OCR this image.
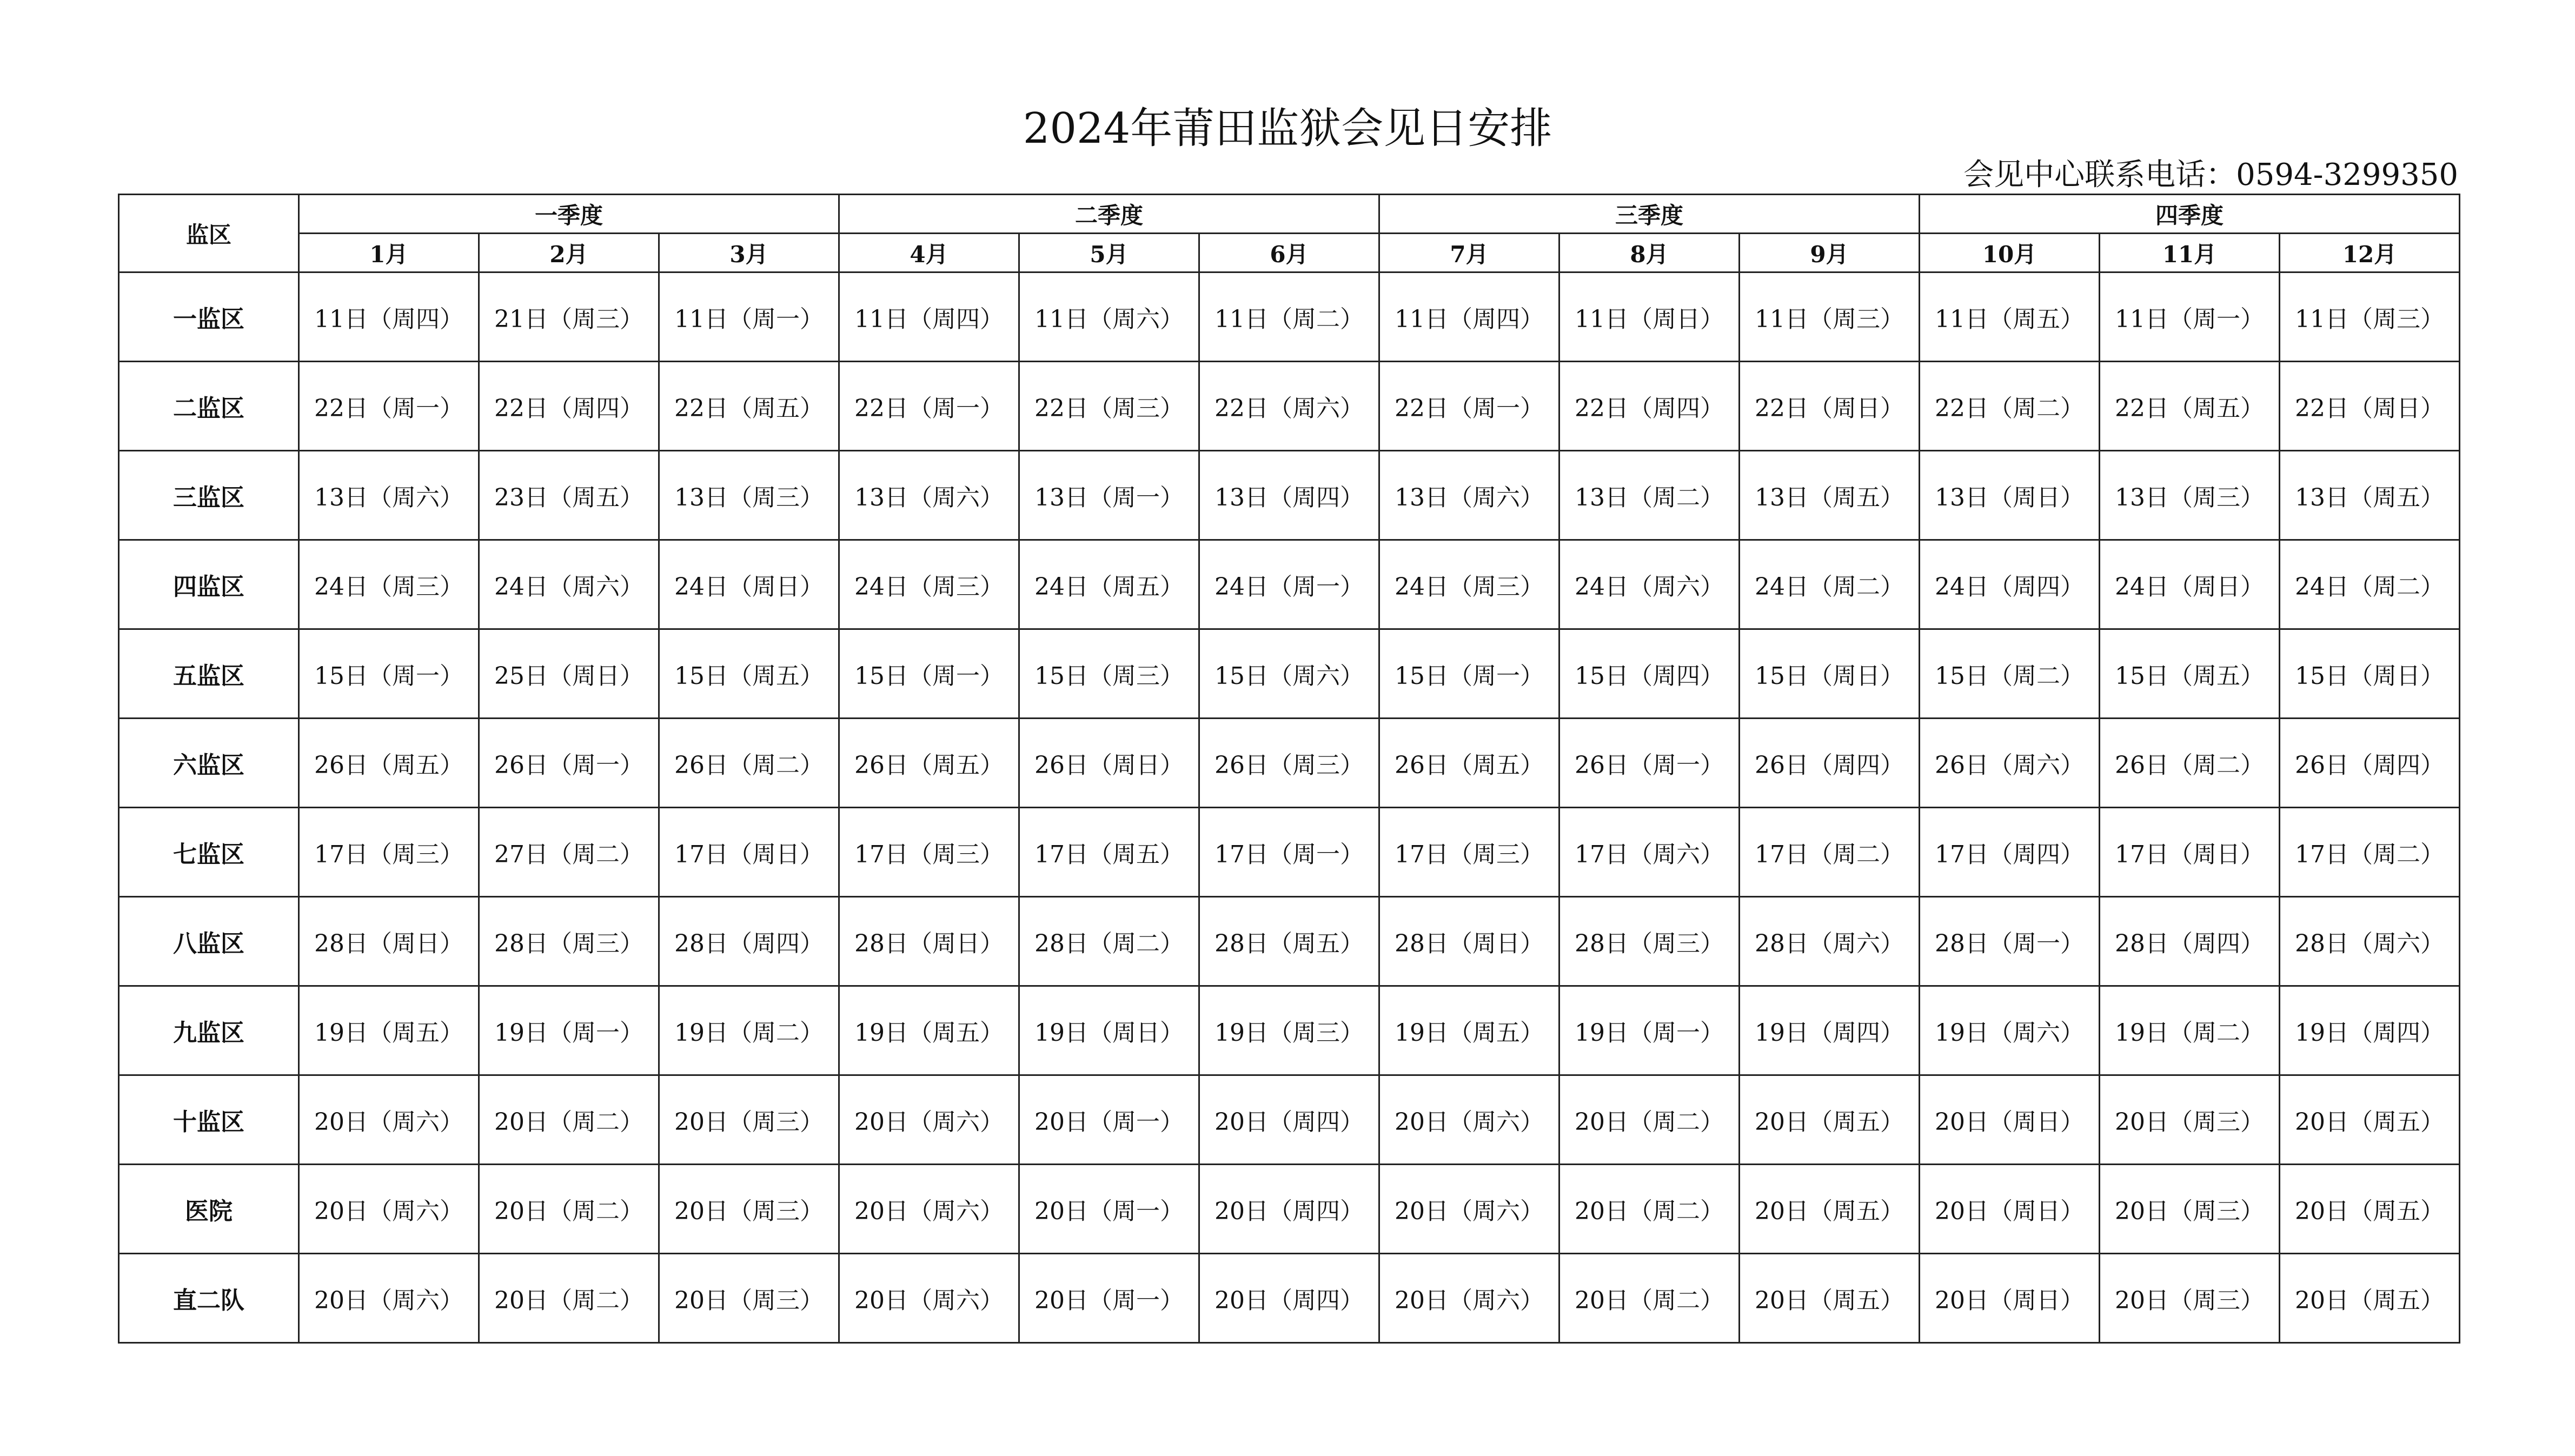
2024年莆田监狱会见日安排
会见中心联系电话：0594-3299350
监区	一季度			二季度			三季度			四季度		
	1月	2月	3月	4月	5月	6月	7月	8月	9月	10月	11月	12月
一监区	11日（周四）	21日（周三）	11日（周一）	11日（周四）	11日（周六）	11日（周二）	11日（周四）	11日（周日）	11日（周三）	11日（周五）	11日（周一）	11日（周三）
二监区	22日（周一）	22日（周四）	22日（周五）	22日（周一）	22日（周三）	22日（周六）	22日（周一）	22日（周四）	22日（周日）	22日（周二）	22日（周五）	22日（周日）
三监区	13日（周六）	23日（周五）	13日（周三）	13日（周六）	13日（周一）	13日（周四）	13日（周六）	13日（周二）	13日（周五）	13日（周日）	13日（周三）	13日（周五）
四监区	24日（周三）	24日（周六）	24日（周日）	24日（周三）	24日（周五）	24日（周一）	24日（周三）	24日（周六）	24日（周二）	24日（周四）	24日（周日）	24日（周二）
五监区	15日（周一）	25日（周日）	15日（周五）	15日（周一）	15日（周三）	15日（周六）	15日（周一）	15日（周四）	15日（周日）	15日（周二）	15日（周五）	15日（周日）
六监区	26日（周五）	26日（周一）	26日（周二）	26日（周五）	26日（周日）	26日（周三）	26日（周五）	26日（周一）	26日（周四）	26日（周六）	26日（周二）	26日（周四）
七监区	17日（周三）	27日（周二）	17日（周日）	17日（周三）	17日（周五）	17日（周一）	17日（周三）	17日（周六）	17日（周二）	17日（周四）	17日（周日）	17日（周二）
八监区	28日（周日）	28日（周三）	28日（周四）	28日（周日）	28日（周二）	28日（周五）	28日（周日）	28日（周三）	28日（周六）	28日（周一）	28日（周四）	28日（周六）
九监区	19日（周五）	19日（周一）	19日（周二）	19日（周五）	19日（周日）	19日（周三）	19日（周五）	19日（周一）	19日（周四）	19日（周六）	19日（周二）	19日（周四）
十监区	20日（周六）	20日（周二）	20日（周三）	20日（周六）	20日（周一）	20日（周四）	20日（周六）	20日（周二）	20日（周五）	20日（周日）	20日（周三）	20日（周五）
医院	20日（周六）	20日（周二）	20日（周三）	20日（周六）	20日（周一）	20日（周四）	20日（周六）	20日（周二）	20日（周五）	20日（周日）	20日（周三）	20日（周五）
直二队	20日（周六）	20日（周二）	20日（周三）	20日（周六）	20日（周一）	20日（周四）	20日（周六）	20日（周二）	20日（周五）	20日（周日）	20日（周三）	20日（周五）
